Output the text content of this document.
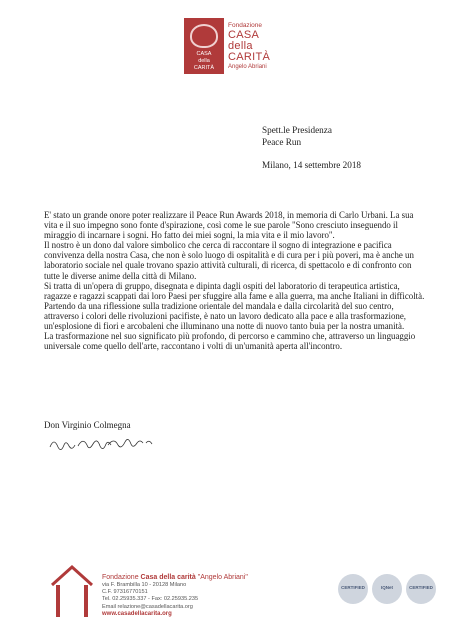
CASA
della
CARITÀ
Fondazione
CASA
della
CARITÀ
Angelo Abriani
Spett.le Presidenza
Peace Run
Milano, 14 settembre 2018

E' stato un grande onore poter realizzare il Peace Run Awards 2018, in memoria di Carlo Urbani. La sua vita e il suo impegno sono fonte d'spirazione, così come le sue parole "Sono cresciuto inseguendo il miraggio di incarnare i sogni. Ho fatto dei miei sogni, la mia vita e il mio lavoro".

Il nostro è un dono dal valore simbolico che cerca di raccontare il sogno di integrazione e pacifica convivenza della nostra Casa, che non è solo luogo di ospitalità e di cura per i più poveri, ma è anche un laboratorio sociale nel quale trovano spazio attività culturali, di ricerca, di spettacolo e di confronto con tutte le diverse anime della città di Milano.

Si tratta di un'opera di gruppo, disegnata e dipinta dagli ospiti del laboratorio di terapeutica artistica, ragazze e ragazzi scappati dai loro Paesi per sfuggire alla fame e alla guerra, ma anche Italiani in difficoltà.

Partendo da una riflessione sulla tradizione orientale del mandala e dalla circolarità del suo centro, attraverso i colori delle rivoluzioni pacifiste, è nato un lavoro dedicato alla pace e alla trasformazione, un'esplosione di fiori e arcobaleni che illuminano una notte di nuovo tanto buia per la nostra umanità.

La trasformazione nel suo significato più profondo, di percorso e cammino che, attraverso un linguaggio universale come quello dell'arte, raccontano i volti di un'umanità aperta all'incontro.

Don Virginio Colmegna
Fondazione Casa della carità "Angelo Abriani"
via F. Brambilla 10 - 20128 Milano
C.F. 97316770151
Tel. 02.25935.337 - Fax: 02.25935.235
Email relazione@casadellacarita.org
www.casadellacarita.org
CERTIFIED	IQNet	CERTIFIED
